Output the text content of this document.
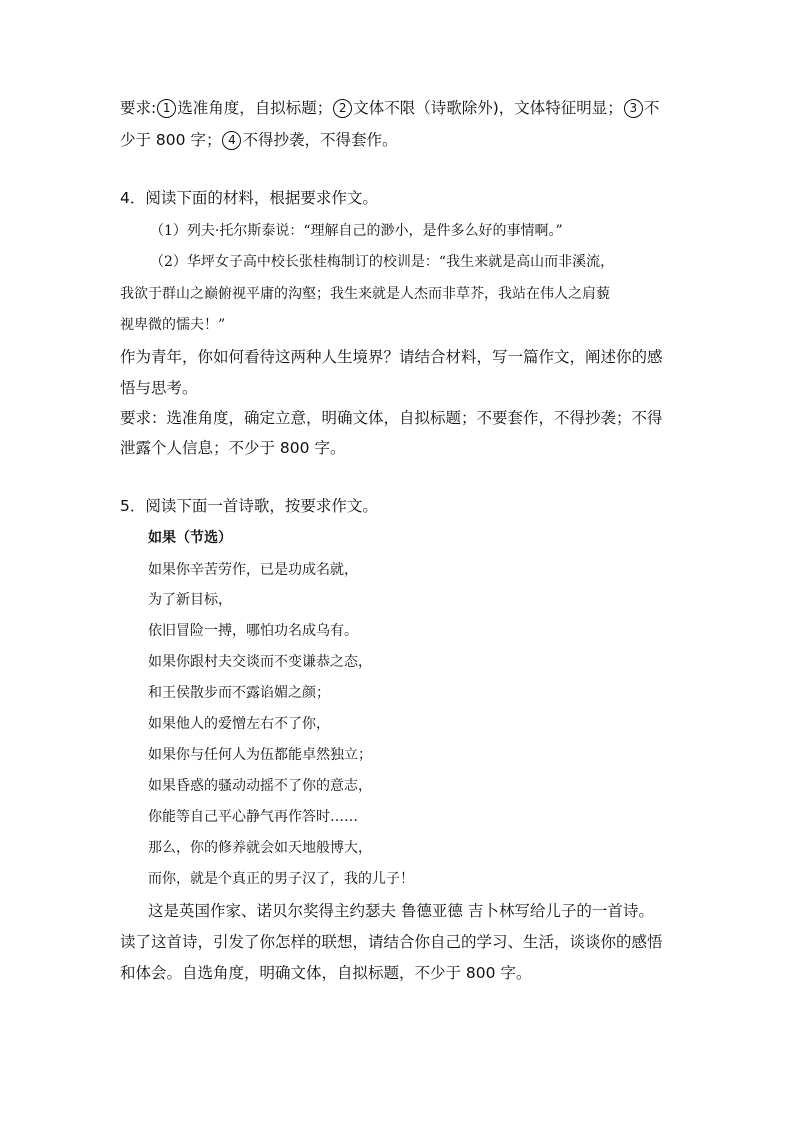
要求: 1 选准角度，自拟标题； 2 文体不限（诗歌除外)，文体特征明显； 3 不
少于 800 字； 4 不得抄袭，不得套作。
4．阅读下面的材料，根据要求作文。
（1）列夫·托尔斯泰说：“理解自己的渺小，是件多么好的事情啊。”
（2）华坪女子高中校长张桂梅制订的校训是：“我生来就是高山而非溪流，
我欲于群山之巅俯视平庸的沟壑；我生来就是人杰而非草芥，我站在伟人之肩藐
视卑微的懦夫！”
作为青年，你如何看待这两种人生境界？请结合材料，写一篇作文，阐述你的感
悟与思考。
要求：选准角度，确定立意，明确文体，自拟标题；不要套作，不得抄袭；不得
泄露个人信息；不少于 800 字。
5．阅读下面一首诗歌，按要求作文。
如果（节选）
如果你辛苦劳作，已是功成名就，
为了新目标，
依旧冒险一搏，哪怕功名成乌有。
如果你跟村夫交谈而不变谦恭之态，
和王侯散步而不露谄媚之颜；
如果他人的爱憎左右不了你，
如果你与任何人为伍都能卓然独立；
如果昏惑的骚动动摇不了你的意志，
你能等自己平心静气再作答时……
那么，你的修养就会如天地般博大，
而你，就是个真正的男子汉了，我的儿子！
这是英国作家、诺贝尔奖得主约瑟夫 鲁德亚德 吉卜林写给儿子的一首诗。
读了这首诗，引发了你怎样的联想，请结合你自己的学习、生活，谈谈你的感悟
和体会。自选角度，明确文体，自拟标题，不少于 800 字。
